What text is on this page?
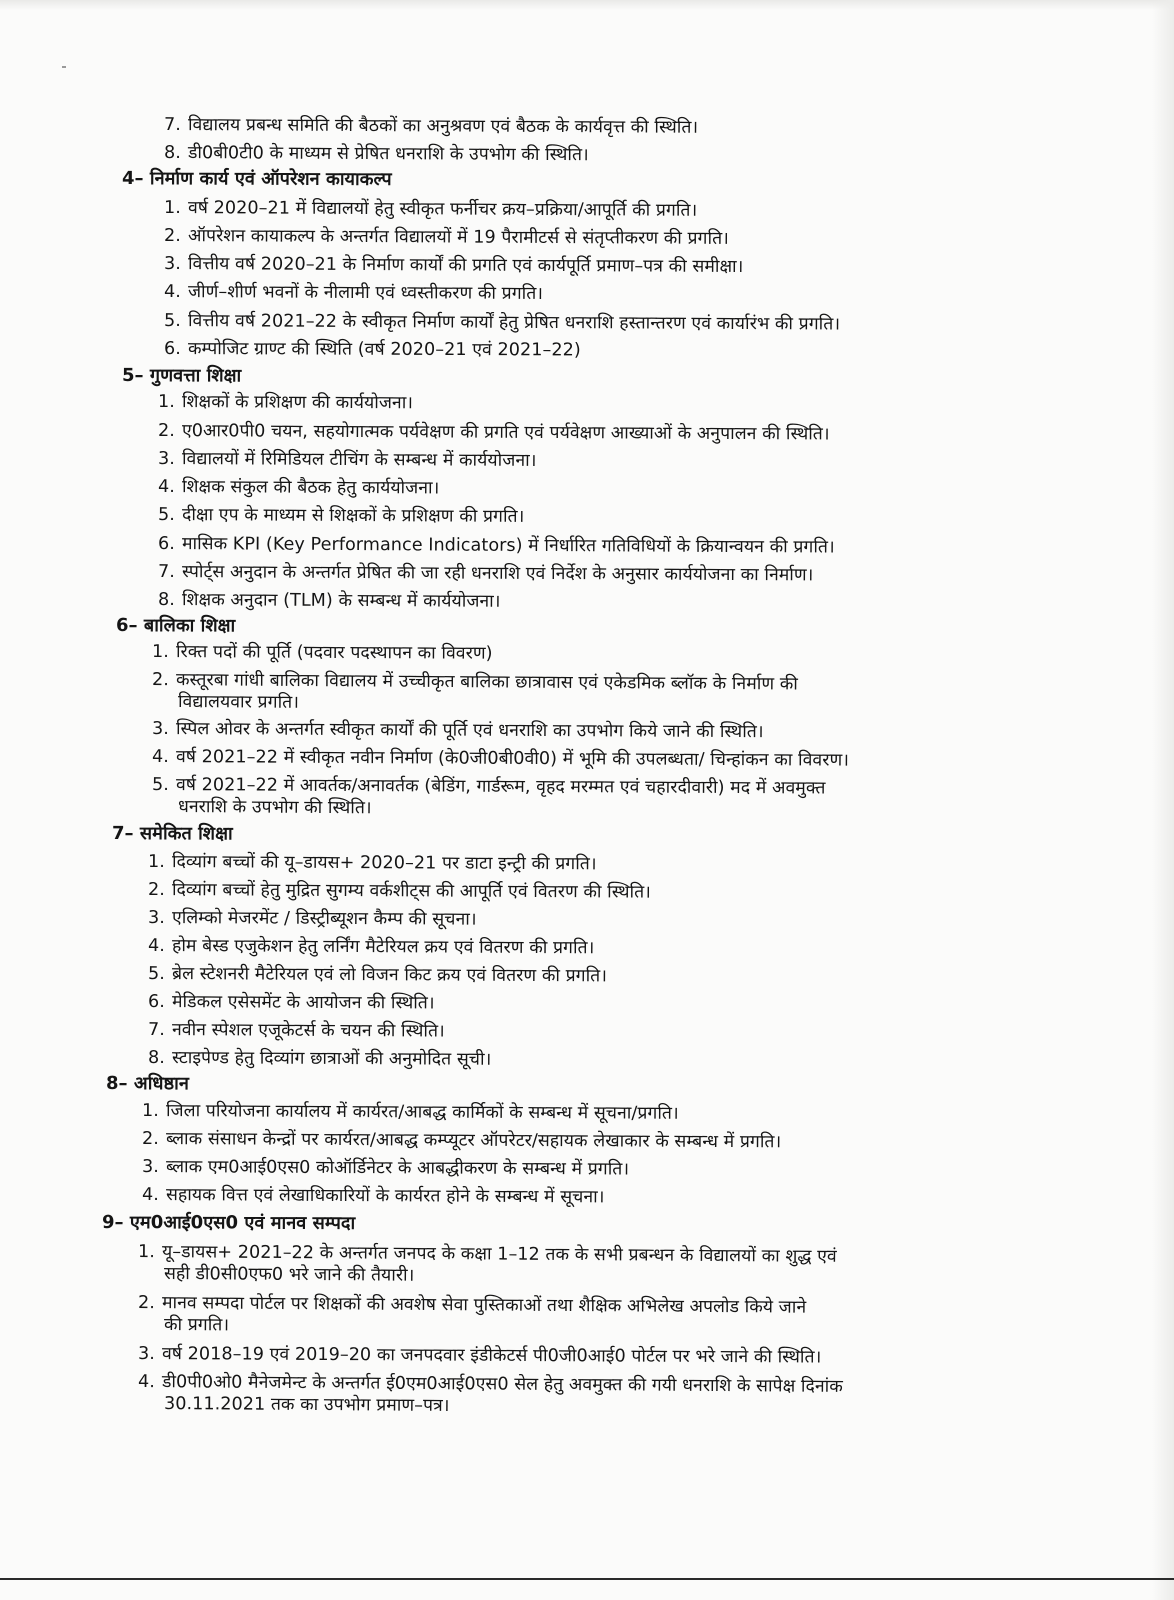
7. विद्यालय प्रबन्ध समिति की बैठकों का अनुश्रवण एवं बैठक के कार्यवृत्त की स्थिति।
8. डी0बी0टी0 के माध्यम से प्रेषित धनराशि के उपभोग की स्थिति।
4– निर्माण कार्य एवं ऑपरेशन कायाकल्प
1. वर्ष 2020–21 में विद्यालयों हेतु स्वीकृत फर्नीचर क्रय–प्रक्रिया/आपूर्ति की प्रगति।
2. ऑपरेशन कायाकल्प के अन्तर्गत विद्यालयों में 19 पैरामीटर्स से संतृप्तीकरण की प्रगति।
3. वित्तीय वर्ष 2020–21 के निर्माण कार्यों की प्रगति एवं कार्यपूर्ति प्रमाण–पत्र की समीक्षा।
4. जीर्ण–शीर्ण भवनों के नीलामी एवं ध्वस्तीकरण की प्रगति।
5. वित्तीय वर्ष 2021–22 के स्वीकृत निर्माण कार्यों हेतु प्रेषित धनराशि हस्तान्तरण एवं कार्यारंभ की प्रगति।
6. कम्पोजिट ग्राण्ट की स्थिति (वर्ष 2020–21 एवं 2021–22)
5– गुणवत्ता शिक्षा
1. शिक्षकों के प्रशिक्षण की कार्ययोजना।
2. ए0आर0पी0 चयन, सहयोगात्मक पर्यवेक्षण की प्रगति एवं पर्यवेक्षण आख्याओं के अनुपालन की स्थिति।
3. विद्यालयों में रिमिडियल टीचिंग के सम्बन्ध में कार्ययोजना।
4. शिक्षक संकुल की बैठक हेतु कार्ययोजना।
5. दीक्षा एप के माध्यम से शिक्षकों के प्रशिक्षण की प्रगति।
6. मासिक KPI (Key Performance Indicators) में निर्धारित गतिविधियों के क्रियान्वयन की प्रगति।
7. स्पोर्ट्स अनुदान के अन्तर्गत प्रेषित की जा रही धनराशि एवं निर्देश के अनुसार कार्ययोजना का निर्माण।
8. शिक्षक अनुदान (TLM) के सम्बन्ध में कार्ययोजना।
6– बालिका शिक्षा
1. रिक्त पदों की पूर्ति (पदवार पदस्थापन का विवरण)
2. कस्तूरबा गांधी बालिका विद्यालय में उच्चीकृत बालिका छात्रावास एवं एकेडमिक ब्लॉक के निर्माण की
विद्यालयवार प्रगति।
3. स्पिल ओवर के अन्तर्गत स्वीकृत कार्यों की पूर्ति एवं धनराशि का उपभोग किये जाने की स्थिति।
4. वर्ष 2021–22 में स्वीकृत नवीन निर्माण (के0जी0बी0वी0) में भूमि की उपलब्धता/ चिन्हांकन का विवरण।
5. वर्ष 2021–22 में आवर्तक/अनावर्तक (बेडिंग, गार्डरूम, वृहद मरम्मत एवं चहारदीवारी) मद में अवमुक्त
धनराशि के उपभोग की स्थिति।
7– समेकित शिक्षा
1. दिव्यांग बच्चों की यू–डायस+ 2020–21 पर डाटा इन्ट्री की प्रगति।
2. दिव्यांग बच्चों हेतु मुद्रित सुगम्य वर्कशीट्स की आपूर्ति एवं वितरण की स्थिति।
3. एलिम्को मेजरमेंट / डिस्ट्रीब्यूशन कैम्प की सूचना।
4. होम बेस्ड एजुकेशन हेतु लर्निंग मैटेरियल क्रय एवं वितरण की प्रगति।
5. ब्रेल स्टेशनरी मैटेरियल एवं लो विजन किट क्रय एवं वितरण की प्रगति।
6. मेडिकल एसेसमेंट के आयोजन की स्थिति।
7. नवीन स्पेशल एजूकेटर्स के चयन की स्थिति।
8. स्टाइपेण्ड हेतु दिव्यांग छात्राओं की अनुमोदित सूची।
8– अधिष्ठान
1. जिला परियोजना कार्यालय में कार्यरत/आबद्ध कार्मिकों के सम्बन्ध में सूचना/प्रगति।
2. ब्लाक संसाधन केन्द्रों पर कार्यरत/आबद्ध कम्प्यूटर ऑपरेटर/सहायक लेखाकार के सम्बन्ध में प्रगति।
3. ब्लाक एम0आई0एस0 कोऑर्डिनेटर के आबद्धीकरण के सम्बन्ध में प्रगति।
4. सहायक वित्त एवं लेखाधिकारियों के कार्यरत होने के सम्बन्ध में सूचना।
9– एम0आई0एस0 एवं मानव सम्पदा
1. यू–डायस+ 2021–22 के अन्तर्गत जनपद के कक्षा 1–12 तक के सभी प्रबन्धन के विद्यालयों का शुद्ध एवं
सही डी0सी0एफ0 भरे जाने की तैयारी।
2. मानव सम्पदा पोर्टल पर शिक्षकों की अवशेष सेवा पुस्तिकाओं तथा शैक्षिक अभिलेख अपलोड किये जाने
की प्रगति।
3. वर्ष 2018–19 एवं 2019–20 का जनपदवार इंडीकेटर्स पी0जी0आई0 पोर्टल पर भरे जाने की स्थिति।
4. डी0पी0ओ0 मैनेजमेन्ट के अन्तर्गत ई0एम0आई0एस0 सेल हेतु अवमुक्त की गयी धनराशि के सापेक्ष दिनांक
30.11.2021 तक का उपभोग प्रमाण–पत्र।
